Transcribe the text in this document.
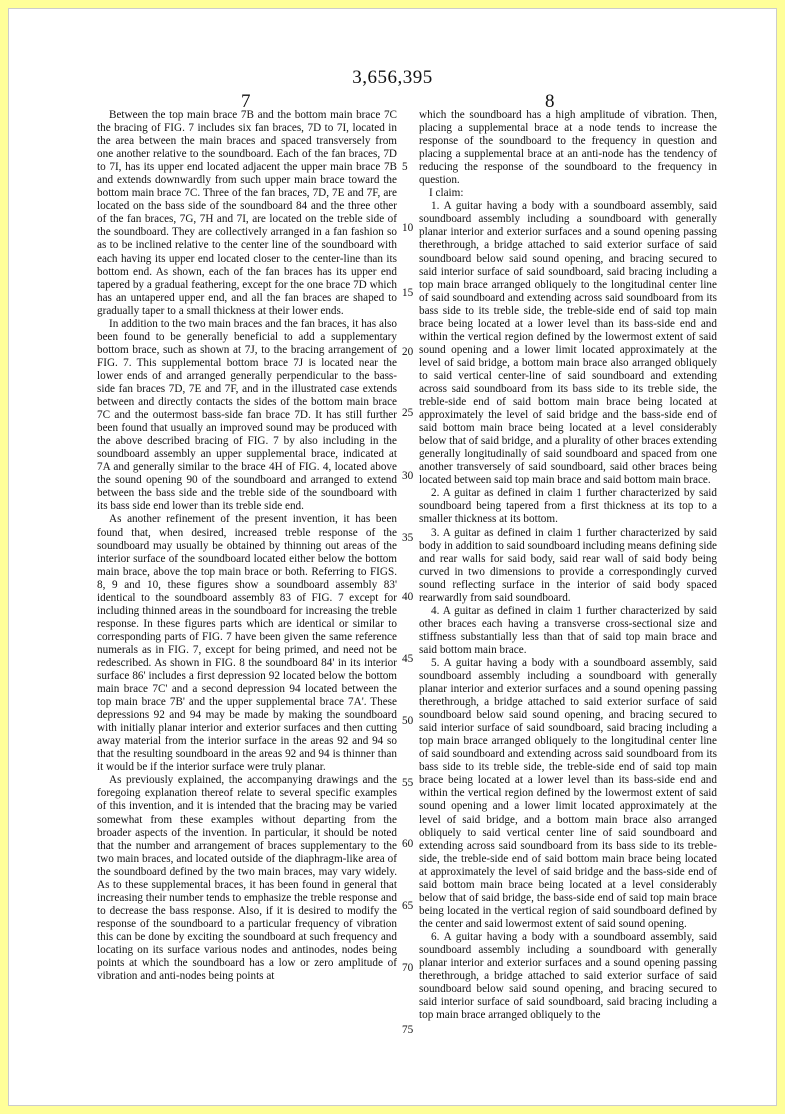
3,656,395
7	8

Between the top main brace 7B and the bottom main brace 7C the bracing of FIG. 7 includes six fan braces, 7D to 7I, located in the area between the main braces and spaced transversely from one another relative to the soundboard. Each of the fan braces, 7D to 7I, has its upper end located adjacent the upper main brace 7B and extends downwardly from such upper main brace toward the bottom main brace 7C. Three of the fan braces, 7D, 7E and 7F, are located on the bass side of the soundboard 84 and the three other of the fan braces, 7G, 7H and 7I, are located on the treble side of the soundboard. They are collectively arranged in a fan fashion so as to be inclined relative to the center line of the soundboard with each having its upper end located closer to the center-line than its bottom end. As shown, each of the fan braces has its upper end tapered by a gradual feathering, except for the one brace 7D which has an untapered upper end, and all the fan braces are shaped to gradually taper to a small thickness at their lower ends.

In addition to the two main braces and the fan braces, it has also been found to be generally beneficial to add a supplementary bottom brace, such as shown at 7J, to the bracing arrangement of FIG. 7. This supplemental bottom brace 7J is located near the lower ends of and arranged generally perpendicular to the bass-side fan braces 7D, 7E and 7F, and in the illustrated case extends between and directly contacts the sides of the bottom main brace 7C and the outermost bass-side fan brace 7D. It has still further been found that usually an improved sound may be produced with the above described bracing of FIG. 7 by also including in the soundboard assembly an upper supplemental brace, indicated at 7A and generally similar to the brace 4H of FIG. 4, located above the sound opening 90 of the soundboard and arranged to extend between the bass side and the treble side of the soundboard with its bass side end lower than its treble side end.

As another refinement of the present invention, it has been found that, when desired, increased treble response of the soundboard may usually be obtained by thinning out areas of the interior surface of the soundboard located either below the bottom main brace, above the top main brace or both. Referring to FIGS. 8, 9 and 10, these figures show a soundboard assembly 83' identical to the soundboard assembly 83 of FIG. 7 except for including thinned areas in the soundboard for increasing the treble response. In these figures parts which are identical or similar to corresponding parts of FIG. 7 have been given the same reference numerals as in FIG. 7, except for being primed, and need not be redescribed. As shown in FIG. 8 the soundboard 84' in its interior surface 86' includes a first depression 92 located below the bottom main brace 7C' and a second depression 94 located between the top main brace 7B' and the upper supplemental brace 7A'. These depressions 92 and 94 may be made by making the soundboard with initially planar interior and exterior surfaces and then cutting away material from the interior surface in the areas 92 and 94 so that the resulting soundboard in the areas 92 and 94 is thinner than it would be if the interior surface were truly planar.

As previously explained, the accompanying drawings and the foregoing explanation thereof relate to several specific examples of this invention, and it is intended that the bracing may be varied somewhat from these examples without departing from the broader aspects of the invention. In particular, it should be noted that the number and arrangement of braces supplementary to the two main braces, and located outside of the diaphragm-like area of the soundboard defined by the two main braces, may vary widely. As to these supplemental braces, it has been found in general that increasing their number tends to emphasize the treble response and to decrease the bass response. Also, if it is desired to modify the response of the soundboard to a particular frequency of vibration this can be done by exciting the soundboard at such frequency and locating on its surface various nodes and antinodes, nodes being points at which the soundboard has a low or zero amplitude of vibration and anti-nodes being points at

5
10
15
20
25
30
35
40
45
50
55
60
65
70
75

which the soundboard has a high amplitude of vibration. Then, placing a supplemental brace at a node tends to increase the response of the soundboard to the frequency in question and placing a supplemental brace at an anti-node has the tendency of reducing the response of the soundboard to the frequency in question.

I claim:

1. A guitar having a body with a soundboard assembly, said soundboard assembly including a soundboard with generally planar interior and exterior surfaces and a sound opening passing therethrough, a bridge attached to said exterior surface of said soundboard below said sound opening, and bracing secured to said interior surface of said soundboard, said bracing including a top main brace arranged obliquely to the longitudinal center line of said soundboard and extending across said soundboard from its bass side to its treble side, the treble-side end of said top main brace being located at a lower level than its bass-side end and within the vertical region defined by the lowermost extent of said sound opening and a lower limit located approximately at the level of said bridge, a bottom main brace also arranged obliquely to said vertical center-line of said soundboard and extending across said soundboard from its bass side to its treble side, the treble-side end of said bottom main brace being located at approximately the level of said bridge and the bass-side end of said bottom main brace being located at a level considerably below that of said bridge, and a plurality of other braces extending generally longitudinally of said soundboard and spaced from one another transversely of said soundboard, said other braces being located between said top main brace and said bottom main brace.

2. A guitar as defined in claim 1 further characterized by said soundboard being tapered from a first thickness at its top to a smaller thickness at its bottom.

3. A guitar as defined in claim 1 further characterized by said body in addition to said soundboard including means defining side and rear walls for said body, said rear wall of said body being curved in two dimensions to provide a correspondingly curved sound reflecting surface in the interior of said body spaced rearwardly from said soundboard.

4. A guitar as defined in claim 1 further characterized by said other braces each having a transverse cross-sectional size and stiffness substantially less than that of said top main brace and said bottom main brace.

5. A guitar having a body with a soundboard assembly, said soundboard assembly including a soundboard with generally planar interior and exterior surfaces and a sound opening passing therethrough, a bridge attached to said exterior surface of said soundboard below said sound opening, and bracing secured to said interior surface of said soundboard, said bracing including a top main brace arranged obliquely to the longitudinal center line of said soundboard and extending across said soundboard from its bass side to its treble side, the treble-side end of said top main brace being located at a lower level than its bass-side end and within the vertical region defined by the lowermost extent of said sound opening and a lower limit located approximately at the level of said bridge, and a bottom main brace also arranged obliquely to said vertical center line of said soundboard and extending across said soundboard from its bass side to its treble-side, the treble-side end of said bottom main brace being located at approximately the level of said bridge and the bass-side end of said bottom main brace being located at a level considerably below that of said bridge, the bass-side end of said top main brace being located in the vertical region of said soundboard defined by the center and said lowermost extent of said sound opening.

6. A guitar having a body with a soundboard assembly, said soundboard assembly including a soundboard with generally planar interior and exterior surfaces and a sound opening passing therethrough, a bridge attached to said exterior surface of said soundboard below said sound opening, and bracing secured to said interior surface of said soundboard, said bracing including a top main brace arranged obliquely to the
